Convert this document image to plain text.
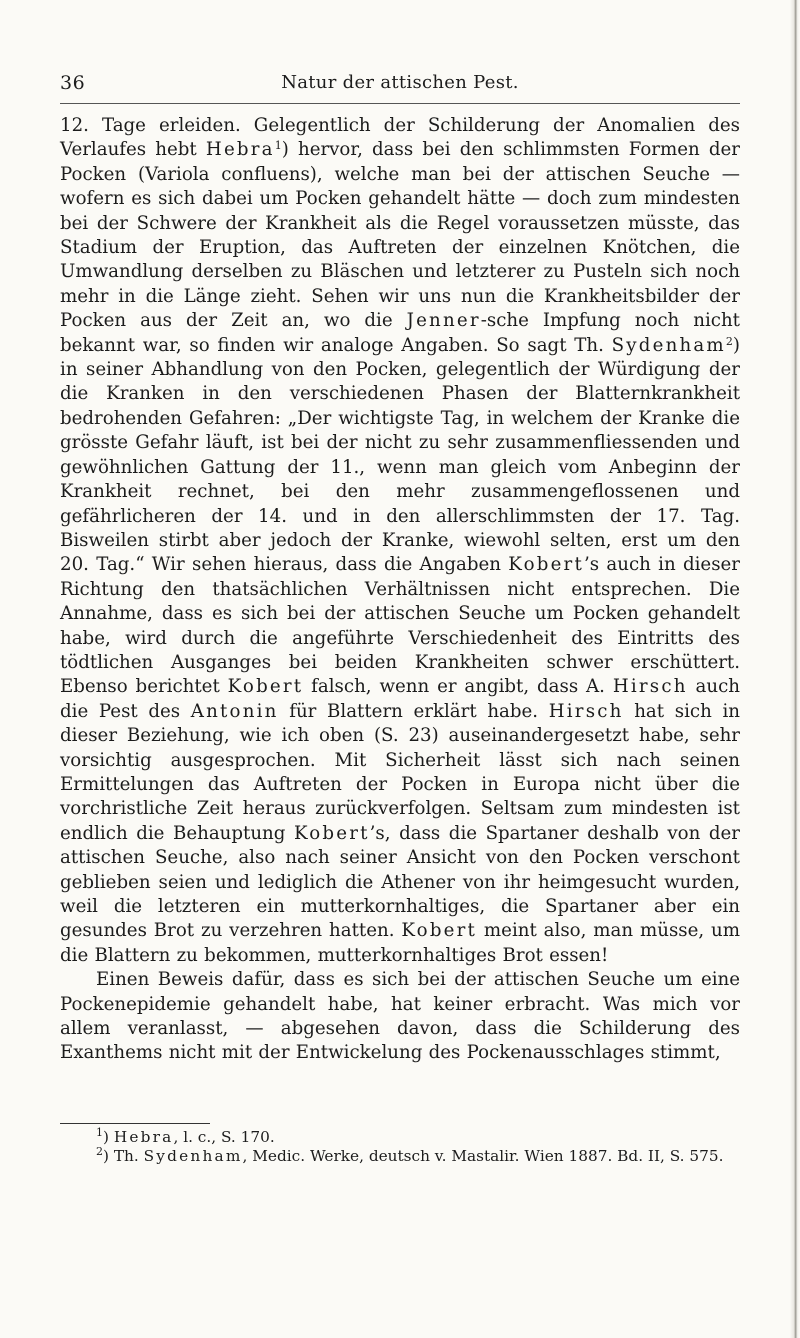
36	Natur der attischen Pest.

12. Tage erleiden. Gelegentlich der Schilderung der Anomalien des Verlaufes hebt Hebra$^1$) hervor, dass bei den schlimmsten Formen der Pocken (Variola confluens), welche man bei der attischen Seuche — wofern es sich dabei um Pocken gehandelt hätte — doch zum mindesten bei der Schwere der Krankheit als die Regel voraussetzen müsste, das Stadium der Eruption, das Auftreten der einzelnen Knötchen, die Umwandlung derselben zu Bläschen und letzterer zu Pusteln sich noch mehr in die Länge zieht. Sehen wir uns nun die Krankheitsbilder der Pocken aus der Zeit an, wo die Jenner-sche Impfung noch nicht bekannt war, so finden wir analoge Angaben. So sagt Th. Sydenham$^2$) in seiner Abhandlung von den Pocken, gelegentlich der Würdigung der die Kranken in den verschiedenen Phasen der Blatternkrankheit bedrohenden Gefahren: „Der wichtigste Tag, in welchem der Kranke die grösste Gefahr läuft, ist bei der nicht zu sehr zusammenfliessenden und gewöhnlichen Gattung der 11., wenn man gleich vom Anbeginn der Krankheit rechnet, bei den mehr zusammengeflossenen und gefährlicheren der 14. und in den allerschlimmsten der 17. Tag. Bisweilen stirbt aber jedoch der Kranke, wiewohl selten, erst um den 20. Tag.“ Wir sehen hieraus, dass die Angaben Kobert’s auch in dieser Richtung den thatsächlichen Verhältnissen nicht entsprechen. Die Annahme, dass es sich bei der attischen Seuche um Pocken gehandelt habe, wird durch die angeführte Verschiedenheit des Eintritts des tödtlichen Ausganges bei beiden Krankheiten schwer erschüttert. Ebenso berichtet Kobert falsch, wenn er angibt, dass A. Hirsch auch die Pest des Antonin für Blattern erklärt habe. Hirsch hat sich in dieser Beziehung, wie ich oben (S. 23) auseinandergesetzt habe, sehr vorsichtig ausgesprochen. Mit Sicherheit lässt sich nach seinen Ermittelungen das Auftreten der Pocken in Europa nicht über die vorchristliche Zeit heraus zurückverfolgen. Seltsam zum mindesten ist endlich die Behauptung Kobert’s, dass die Spartaner deshalb von der attischen Seuche, also nach seiner Ansicht von den Pocken verschont geblieben seien und lediglich die Athener von ihr heimgesucht wurden, weil die letzteren ein mutterkornhaltiges, die Spartaner aber ein gesundes Brot zu verzehren hatten. Kobert meint also, man müsse, um die Blattern zu bekommen, mutterkornhaltiges Brot essen!

Einen Beweis dafür, dass es sich bei der attischen Seuche um eine Pockenepidemie gehandelt habe, hat keiner erbracht. Was mich vor allem veranlasst, — abgesehen davon, dass die Schilderung des Exanthems nicht mit der Entwickelung des Pockenausschlages stimmt,

$^1$) Hebra, l. c., S. 170.

$^2$) Th. Sydenham, Medic. Werke, deutsch v. Mastalir. Wien 1887. Bd. II, S. 575.
